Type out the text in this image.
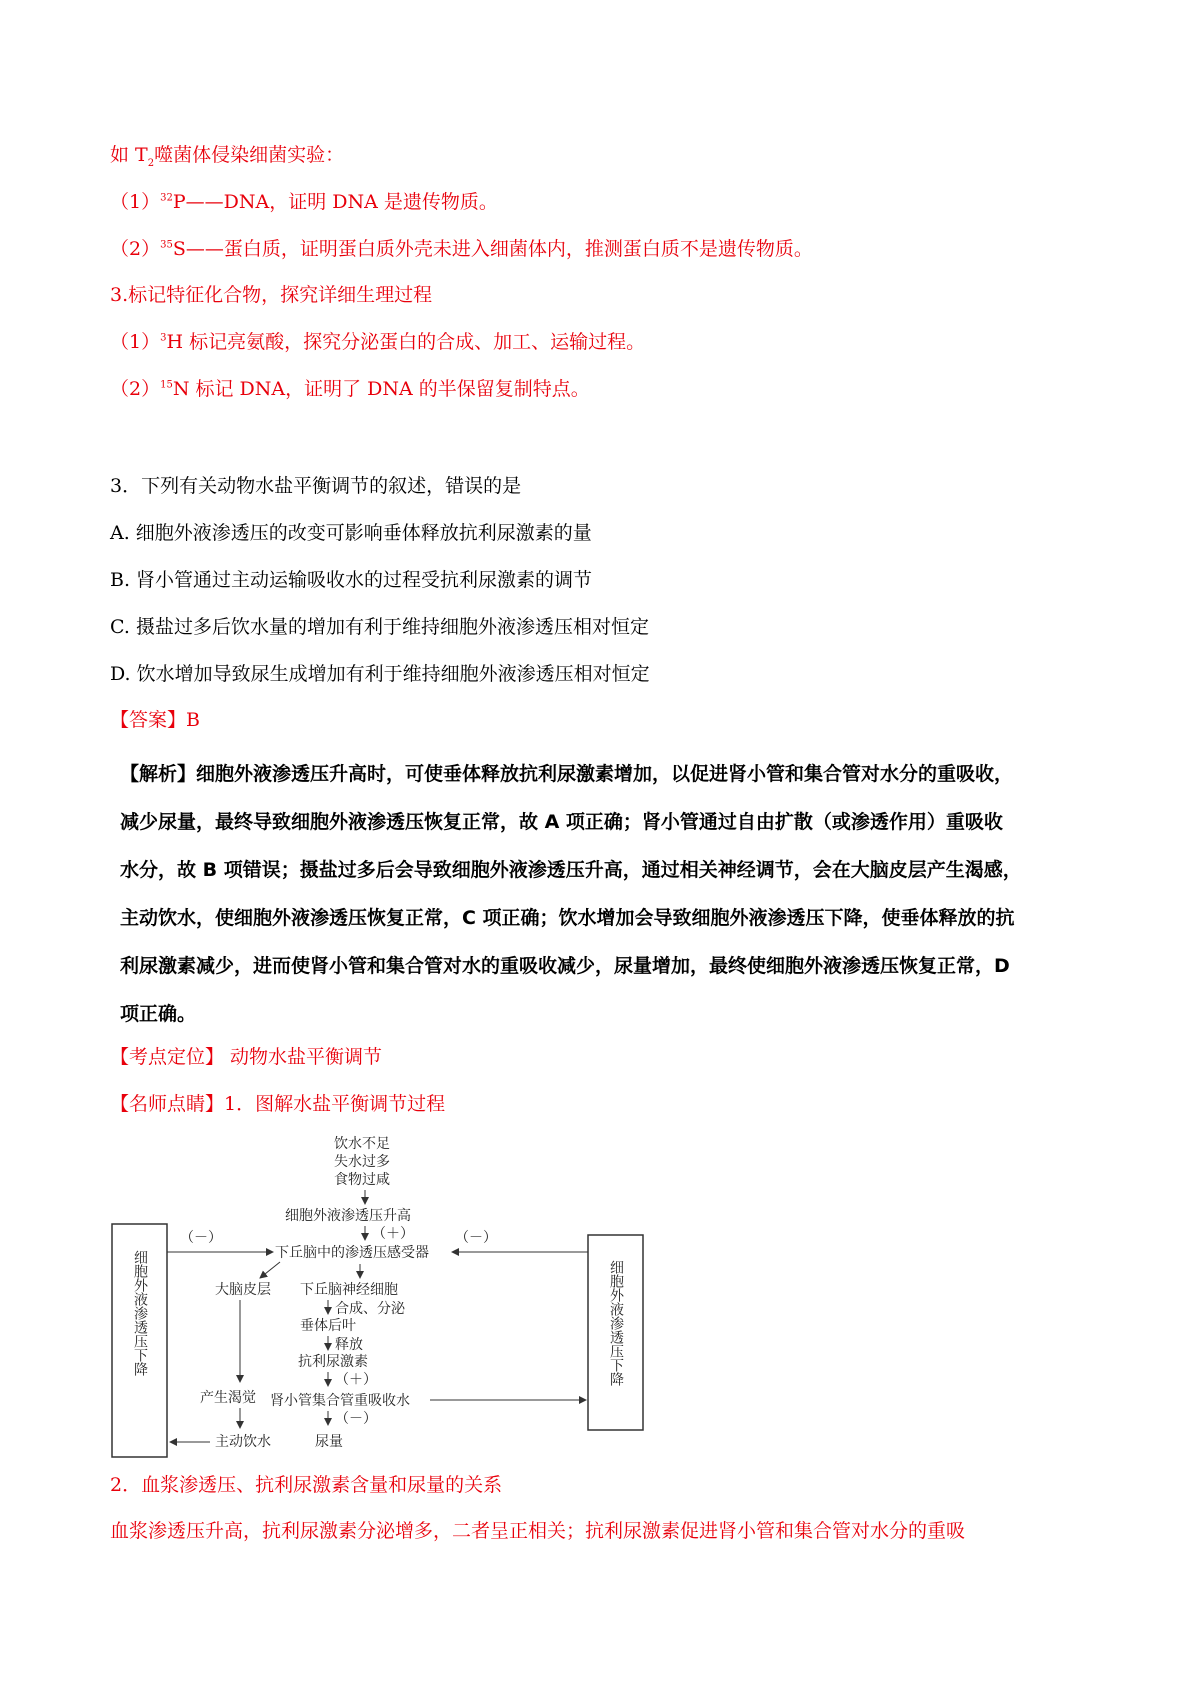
如 $T_2$噬菌体侵染细菌实验：
$(1)^{32}P——DNA$，证明 DNA 是遗传物质。
$(2)^{35}S——$蛋白质，证明蛋白质外壳未进入细菌体内，推测蛋白质不是遗传物质。
3.标记特征化合物，探究详细生理过程
$(1)^3H$ 标记亮氨酸，探究分泌蛋白的合成、加工、运输过程。
$(2)^{15}N$ 标记 DNA，证明了 DNA 的半保留复制特点。
3．下列有关动物水盐平衡调节的叙述，错误的是
A. 细胞外液渗透压的改变可影响垂体释放抗利尿激素的量
B. 肾小管通过主动运输吸收水的过程受抗利尿激素的调节
C. 摄盐过多后饮水量的增加有利于维持细胞外液渗透压相对恒定
D. 饮水增加导致尿生成增加有利于维持细胞外液渗透压相对恒定
【答案】B
【解析】细胞外液渗透压升高时，可使垂体释放抗利尿激素增加，以促进肾小管和集合管对水分的重吸收，
减少尿量，最终导致细胞外液渗透压恢复正常，故 A 项正确；肾小管通过自由扩散（或渗透作用）重吸收
水分，故 B 项错误；摄盐过多后会导致细胞外液渗透压升高，通过相关神经调节，会在大脑皮层产生渴感，
主动饮水，使细胞外液渗透压恢复正常，C 项正确；饮水增加会导致细胞外液渗透压下降，使垂体释放的抗
利尿激素减少，进而使肾小管和集合管对水的重吸收减少，尿量增加，最终使细胞外液渗透压恢复正常，D
项正确。
【考点定位】 动物水盐平衡调节
【名师点睛】1．图解水盐平衡调节过程
细胞外液渗透压下降	细胞外液渗透压下降
饮水不足
失水过多
食物过咸
细胞外液渗透压升高
（＋）
下丘脑中的渗透压感受器
（－）	（－）
大脑皮层 下丘脑神经细胞
合成、分泌
垂体后叶
释放
抗利尿激素
（＋）
产生渴觉 肾小管集合管重吸收水
（－）
尿量
主动饮水
2．血浆渗透压、抗利尿激素含量和尿量的关系
血浆渗透压升高，抗利尿激素分泌增多，二者呈正相关；抗利尿激素促进肾小管和集合管对水分的重吸
